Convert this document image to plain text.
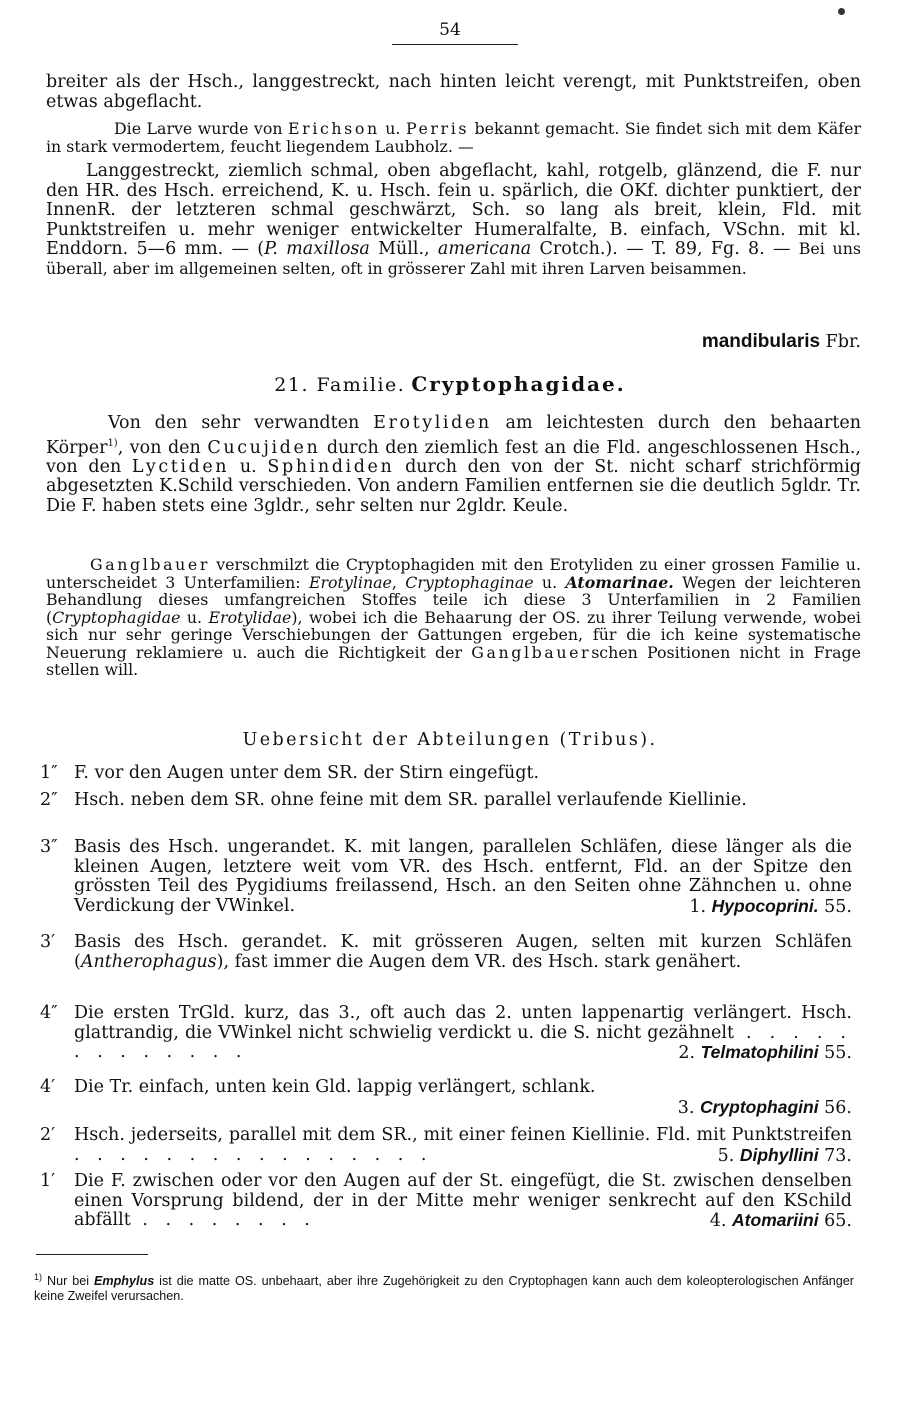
54
breiter als der Hsch., langgestreckt, nach hinten leicht verengt, mit Punktstreifen, oben etwas abgeflacht.
Die Larve wurde von Erichson u. Perris bekannt gemacht. Sie findet sich mit dem Käfer in stark vermodertem, feucht liegendem Laubholz. —
Langgestreckt, ziemlich schmal, oben abgeflacht, kahl, rotgelb, glänzend, die F. nur den HR. des Hsch. erreichend, K. u. Hsch. fein u. spärlich, die OKf. dichter punktiert, der InnenR. der letzteren schmal geschwärzt, Sch. so lang als breit, klein, Fld. mit Punktstreifen u. mehr weniger entwickelter Humeralfalte, B. einfach, VSchn. mit kl. Enddorn. 5—6 mm. — (P. maxillosa Müll., americana Crotch.). — T. 89, Fg. 8. — Bei uns überall, aber im allgemeinen selten, oft in grösserer Zahl mit ihren Larven beisammen.
mandibularis Fbr.
21. Familie. Cryptophagidae.
Von den sehr verwandten Erotyliden am leichtesten durch den behaarten Körper$^{1)}$, von den Cucujiden durch den ziemlich fest an die Fld. angeschlossenen Hsch., von den Lyctiden u. Sphindiden durch den von der St. nicht scharf strichförmig abgesetzten K.Schild verschieden. Von andern Familien entfernen sie die deutlich 5gldr. Tr. Die F. haben stets eine 3gldr., sehr selten nur 2gldr. Keule.
Ganglbauer verschmilzt die Cryptophagiden mit den Erotyliden zu einer grossen Familie u. unterscheidet 3 Unterfamilien: Erotylinae, Cryptophaginae u. Atomarinae. Wegen der leichteren Behandlung dieses umfangreichen Stoffes teile ich diese 3 Unterfamilien in 2 Familien (Cryptophagidae u. Erotylidae), wobei ich die Behaarung der OS. zu ihrer Teilung verwende, wobei sich nur sehr geringe Verschiebungen der Gattungen ergeben, für die ich keine systematische Neuerung reklamiere u. auch die Richtigkeit der Ganglbauerschen Positionen nicht in Frage stellen will.
Uebersicht der Abteilungen (Tribus).
1″ F. vor den Augen unter dem SR. der Stirn eingefügt.
2″ Hsch. neben dem SR. ohne feine mit dem SR. parallel verlaufende Kiellinie.
3″ Basis des Hsch. ungerandet. K. mit langen, parallelen Schläfen, diese länger als die kleinen Augen, letztere weit vom VR. des Hsch. entfernt, Fld. an der Spitze den grössten Teil des Pygidiums freilassend, Hsch. an den Seiten ohne Zähnchen u. ohne Verdickung der VWinkel.	1. Hypocoprini. 55.
3′	Basis des Hsch. gerandet. K. mit grösseren Augen, selten mit kurzen Schläfen (Antherophagus), fast immer die Augen dem VR. des Hsch. stark genähert.
4″ Die ersten TrGld. kurz, das 3., oft auch das 2. unten lappenartig verlängert. Hsch. glattrandig, die VWinkel nicht schwielig verdickt u. die S. nicht gezähnelt . . . . . . . . . . . . .	2. Telmatophilini 55.
4′	Die Tr. einfach, unten kein Gld. lappig verlängert, schlank.
3. Cryptophagini 56.
2′	Hsch. jederseits, parallel mit dem SR., mit einer feinen Kiellinie. Fld. mit Punktstreifen . . . . . . . . . . . . . . . .	5. Diphyllini 73.
1′	Die F. zwischen oder vor den Augen auf der St. eingefügt, die St. zwischen denselben einen Vorsprung bildend, der in der Mitte mehr weniger senkrecht auf den KSchild abfällt . . . . . . . .	4. Atomariini 65.
$^{1)}$ Nur bei Emphylus ist die matte OS. unbehaart, aber ihre Zugehörigkeit zu den Cryptophagen kann auch dem koleopterologischen Anfänger keine Zweifel verursachen.
